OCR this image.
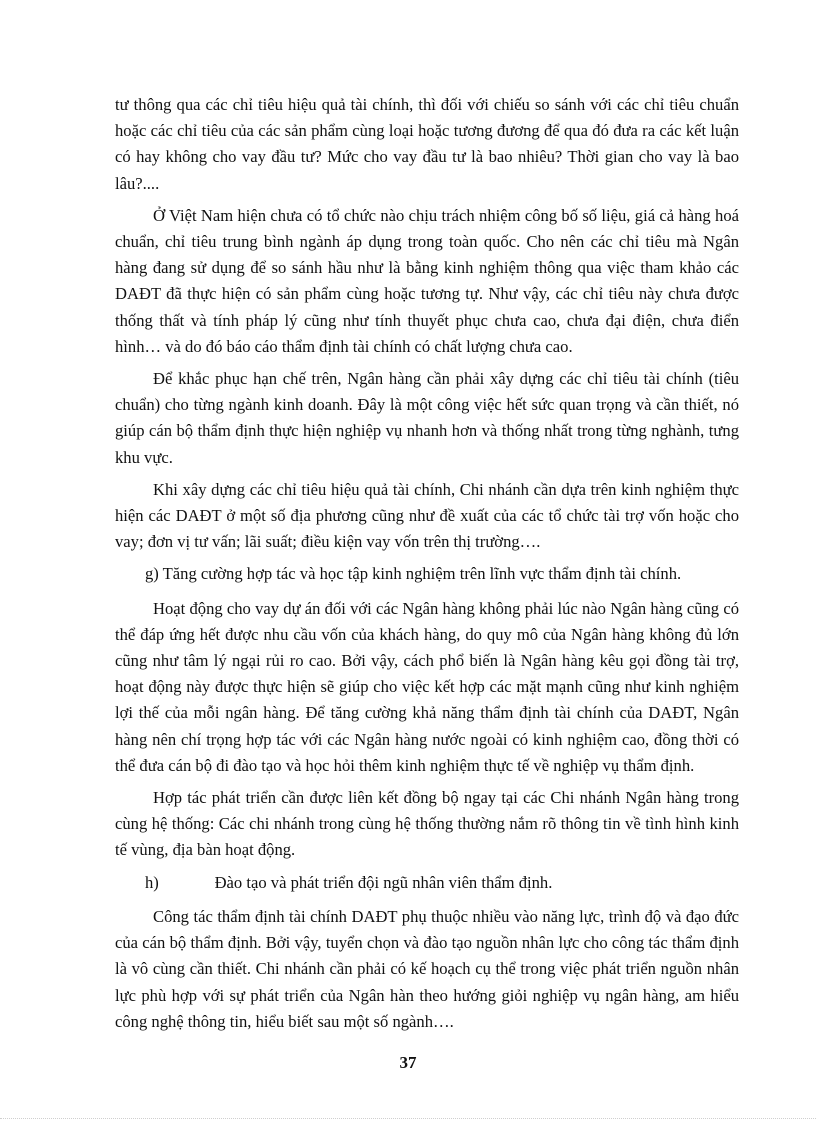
tư thông qua các chỉ tiêu hiệu quả tài chính, thì đối với chiếu so sánh với các chỉ tiêu chuẩn hoặc các chỉ tiêu của các sản phẩm cùng loại hoặc tương đương để qua đó đưa ra các kết luận có hay không cho vay đầu tư? Mức cho vay đầu tư là bao nhiêu? Thời gian cho vay là bao lâu?....

Ở Việt Nam hiện chưa có tổ chức nào chịu trách nhiệm công bố số liệu, giá cả hàng hoá chuẩn, chỉ tiêu trung bình ngành áp dụng trong toàn quốc. Cho nên các chỉ tiêu mà Ngân hàng đang sử dụng để so sánh hầu như là bằng kinh nghiệm thông qua việc tham khảo các DAĐT đã thực hiện có sản phẩm cùng hoặc tương tự. Như vậy, các chỉ tiêu này chưa được thống thất và tính pháp lý cũng như tính thuyết phục chưa cao, chưa đại điện, chưa điển hình… và do đó báo cáo thẩm định tài chính có chất lượng chưa cao.

Để khắc phục hạn chế trên, Ngân hàng cần phải xây dựng các chỉ tiêu tài chính (tiêu chuẩn) cho từng ngành kinh doanh. Đây là một công việc hết sức quan trọng và cần thiết, nó giúp cán bộ thẩm định thực hiện nghiệp vụ nhanh hơn và thống nhất trong từng nghành, tưng khu vực.

Khi xây dựng các chỉ tiêu hiệu quả tài chính, Chi nhánh cần dựa trên kinh nghiệm thực hiện các DAĐT ở một số địa phương cũng như đề xuất của các tổ chức tài trợ vốn hoặc cho vay; đơn vị tư vấn; lãi suất; điều kiện vay vốn trên thị trường….

g) Tăng cường hợp tác và học tập kinh nghiệm trên lĩnh vực thẩm định tài chính.

Hoạt động cho vay dự án đối với các Ngân hàng không phải lúc nào Ngân hàng cũng có thể đáp ứng hết được nhu cầu vốn của khách hàng, do quy mô của Ngân hàng không đủ lớn cũng như tâm lý ngại rủi ro cao. Bởi vậy, cách phổ biến là Ngân hàng kêu gọi đồng tài trợ, hoạt động này được thực hiện sẽ giúp cho việc kết hợp các mặt mạnh cũng như kinh nghiệm lợi thế của mỗi ngân hàng. Để tăng cường khả năng thẩm định tài chính của DAĐT, Ngân hàng nên chí trọng hợp tác với các Ngân hàng nước ngoài có kinh nghiệm cao, đồng thời có thể đưa cán bộ đi đào tạo và học hỏi thêm kinh nghiệm thực tế về nghiệp vụ thẩm định.

Hợp tác phát triển cần được liên kết đồng bộ ngay tại các Chi nhánh Ngân hàng trong cùng hệ thống: Các chi nhánh trong cùng hệ thống thường nắm rõ thông tin về tình hình kinh tế vùng, địa bàn hoạt động.

h)		Đào tạo và phát triển đội ngũ nhân viên thẩm định.

Công tác thẩm định tài chính DAĐT phụ thuộc nhiều vào năng lực, trình độ và đạo đức của cán bộ thẩm định. Bởi vậy, tuyển chọn và đào tạo nguồn nhân lực cho công tác thẩm định là vô cùng cần thiết. Chi nhánh cần phải có kế hoạch cụ thể trong việc phát triển nguồn nhân lực phù hợp với sự phát triển của Ngân hàn theo hướng giỏi nghiệp vụ ngân hàng, am hiểu công nghệ thông tin, hiểu biết sau một số ngành….

37
